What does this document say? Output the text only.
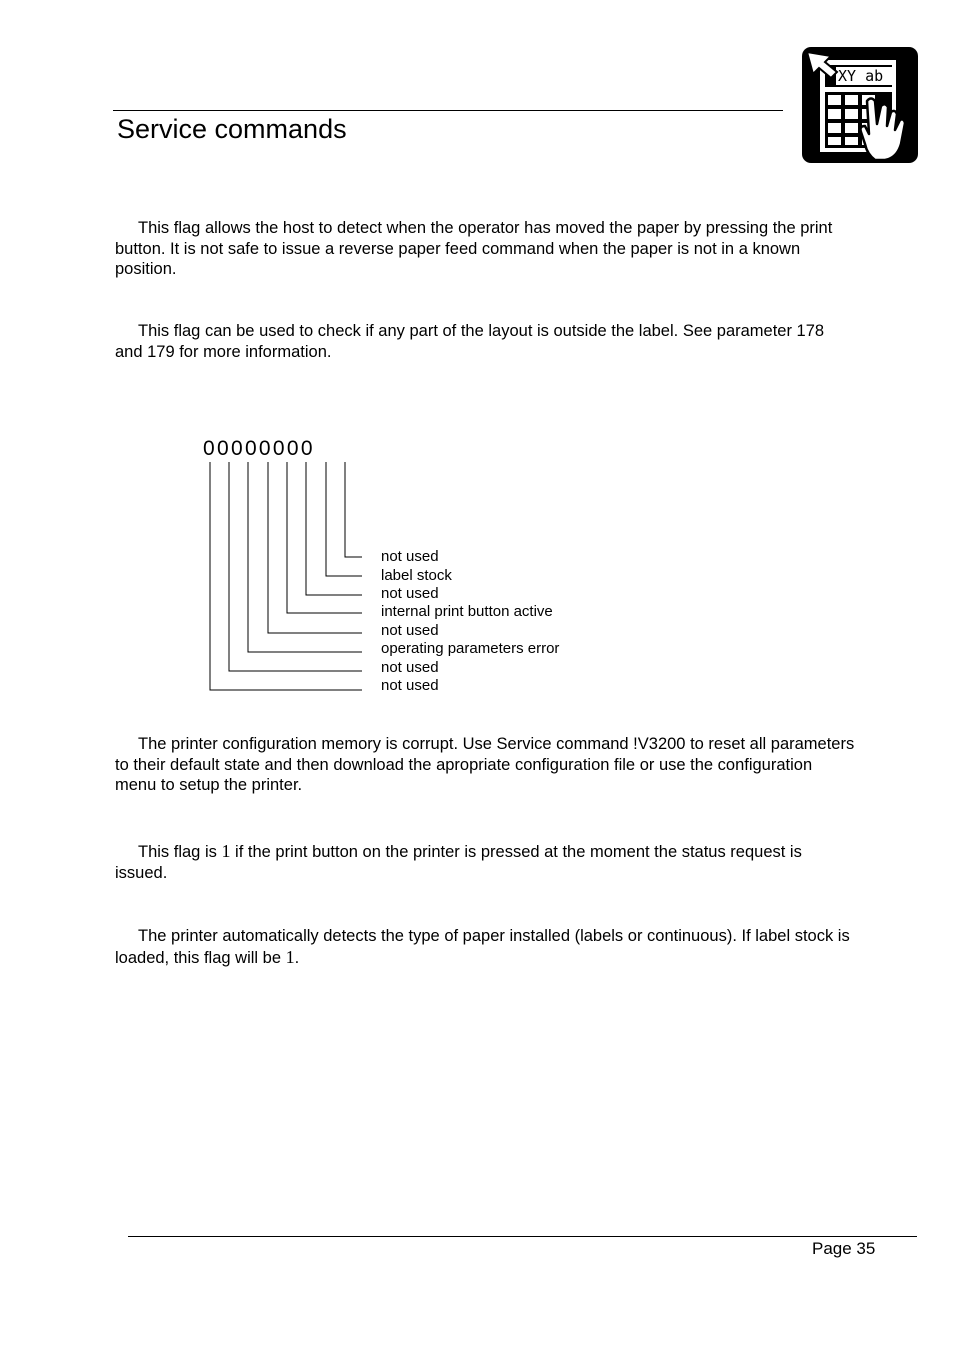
Service commands
XY ab
This flag allows the host to detect when the operator has moved the paper by pressing the print button. It is not safe to issue a reverse paper feed command when the paper is not in a known position.
This flag can be used to check if any part of the layout is outside the label. See parameter 178 and 179 for more information.
00000000
not used
label stock
not used
internal print button active
not used
operating parameters error
not used
not used
The printer configuration memory is corrupt. Use Service command !V3200 to reset all parameters to their default state and then download the apropriate configuration file or use the configuration menu to setup the printer.
This flag is 1 if the print button on the printer is pressed at the moment the status request is issued.
The printer automatically detects the type of paper installed (labels or continuous). If label stock is loaded, this flag will be 1.
Page 35
